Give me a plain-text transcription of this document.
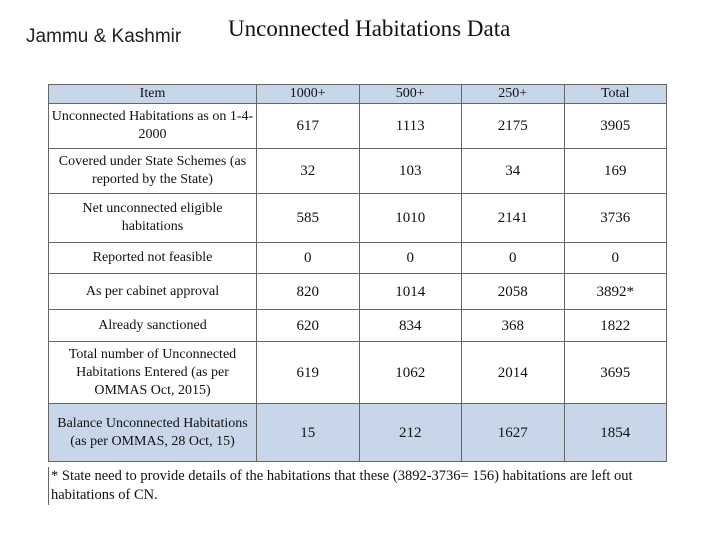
Jammu & Kashmir Unconnected Habitations Data
Item	1000+	500+	250+	Total
Unconnected Habitations as on 1-4-2000	617	1113	2175	3905
Covered under State Schemes (as reported by the State)	32	103	34	169
Net unconnected eligible habitations	585	1010	2141	3736
Reported not feasible	0	0	0	0
As per cabinet approval	820	1014	2058	3892*
Already sanctioned	620	834	368	1822
Total number of Unconnected Habitations Entered (as per OMMAS Oct, 2015)	619	1062	2014	3695
Balance Unconnected Habitations (as per OMMAS, 28 Oct, 15)	15	212	1627	1854
* State need to provide details of the habitations that these (3892-3736= 156) habitations are left out habitations of CN.
